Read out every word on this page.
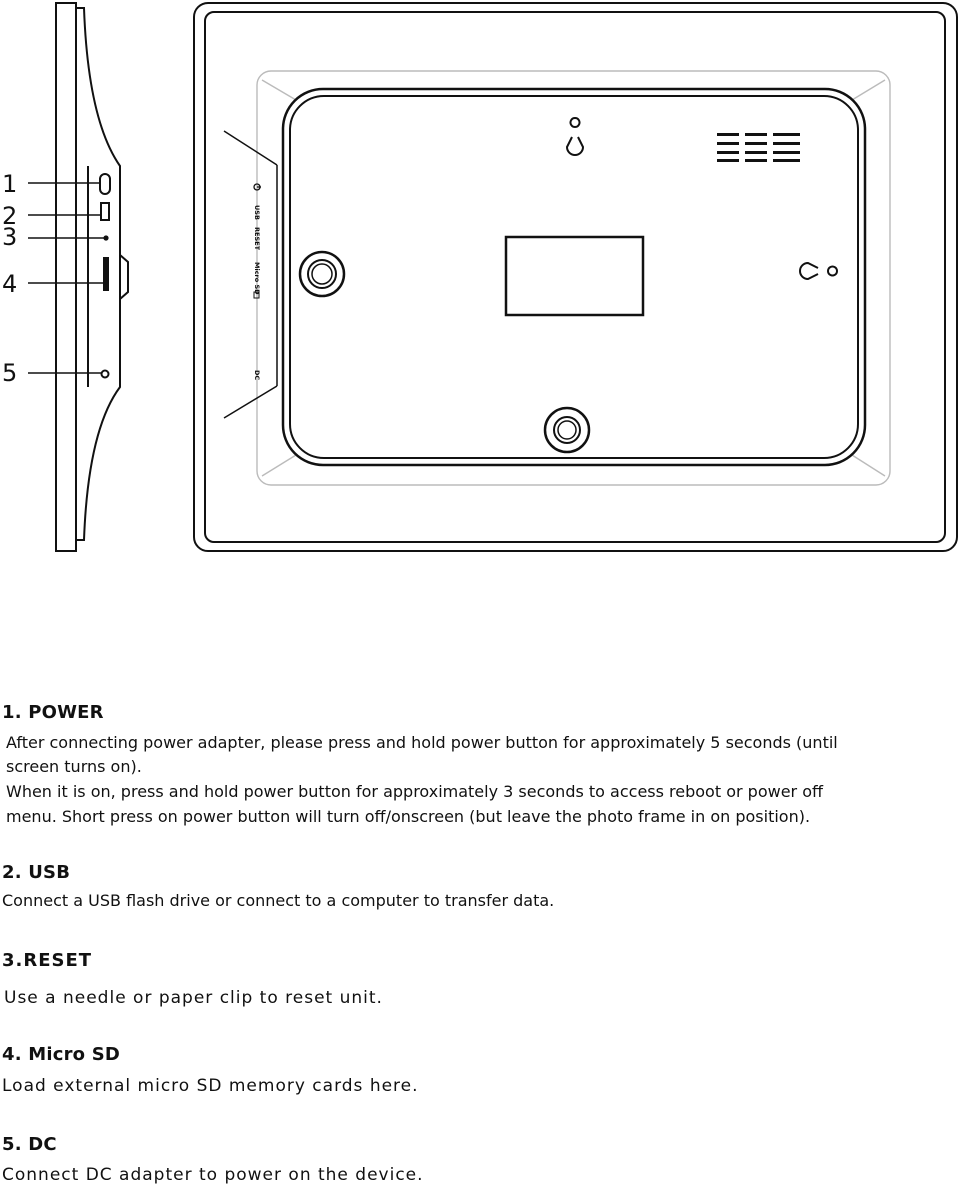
1
2
3
4
5
USB
RESET
Micro SD
DC
1. POWER

After connecting power adapter, please press and hold power button for approximately 5 seconds (until

screen turns on).

When it is on, press and hold power button for approximately 3 seconds to access reboot or power off

menu. Short press on power button will turn off/onscreen (but leave the photo frame in on position).

2. USB

Connect a USB flash drive or connect to a computer to transfer data.

3.RESET

Use a needle or paper clip to reset unit.

4. Micro SD

Load external micro SD memory cards here.

5. DC

Connect DC adapter to power on the device.
